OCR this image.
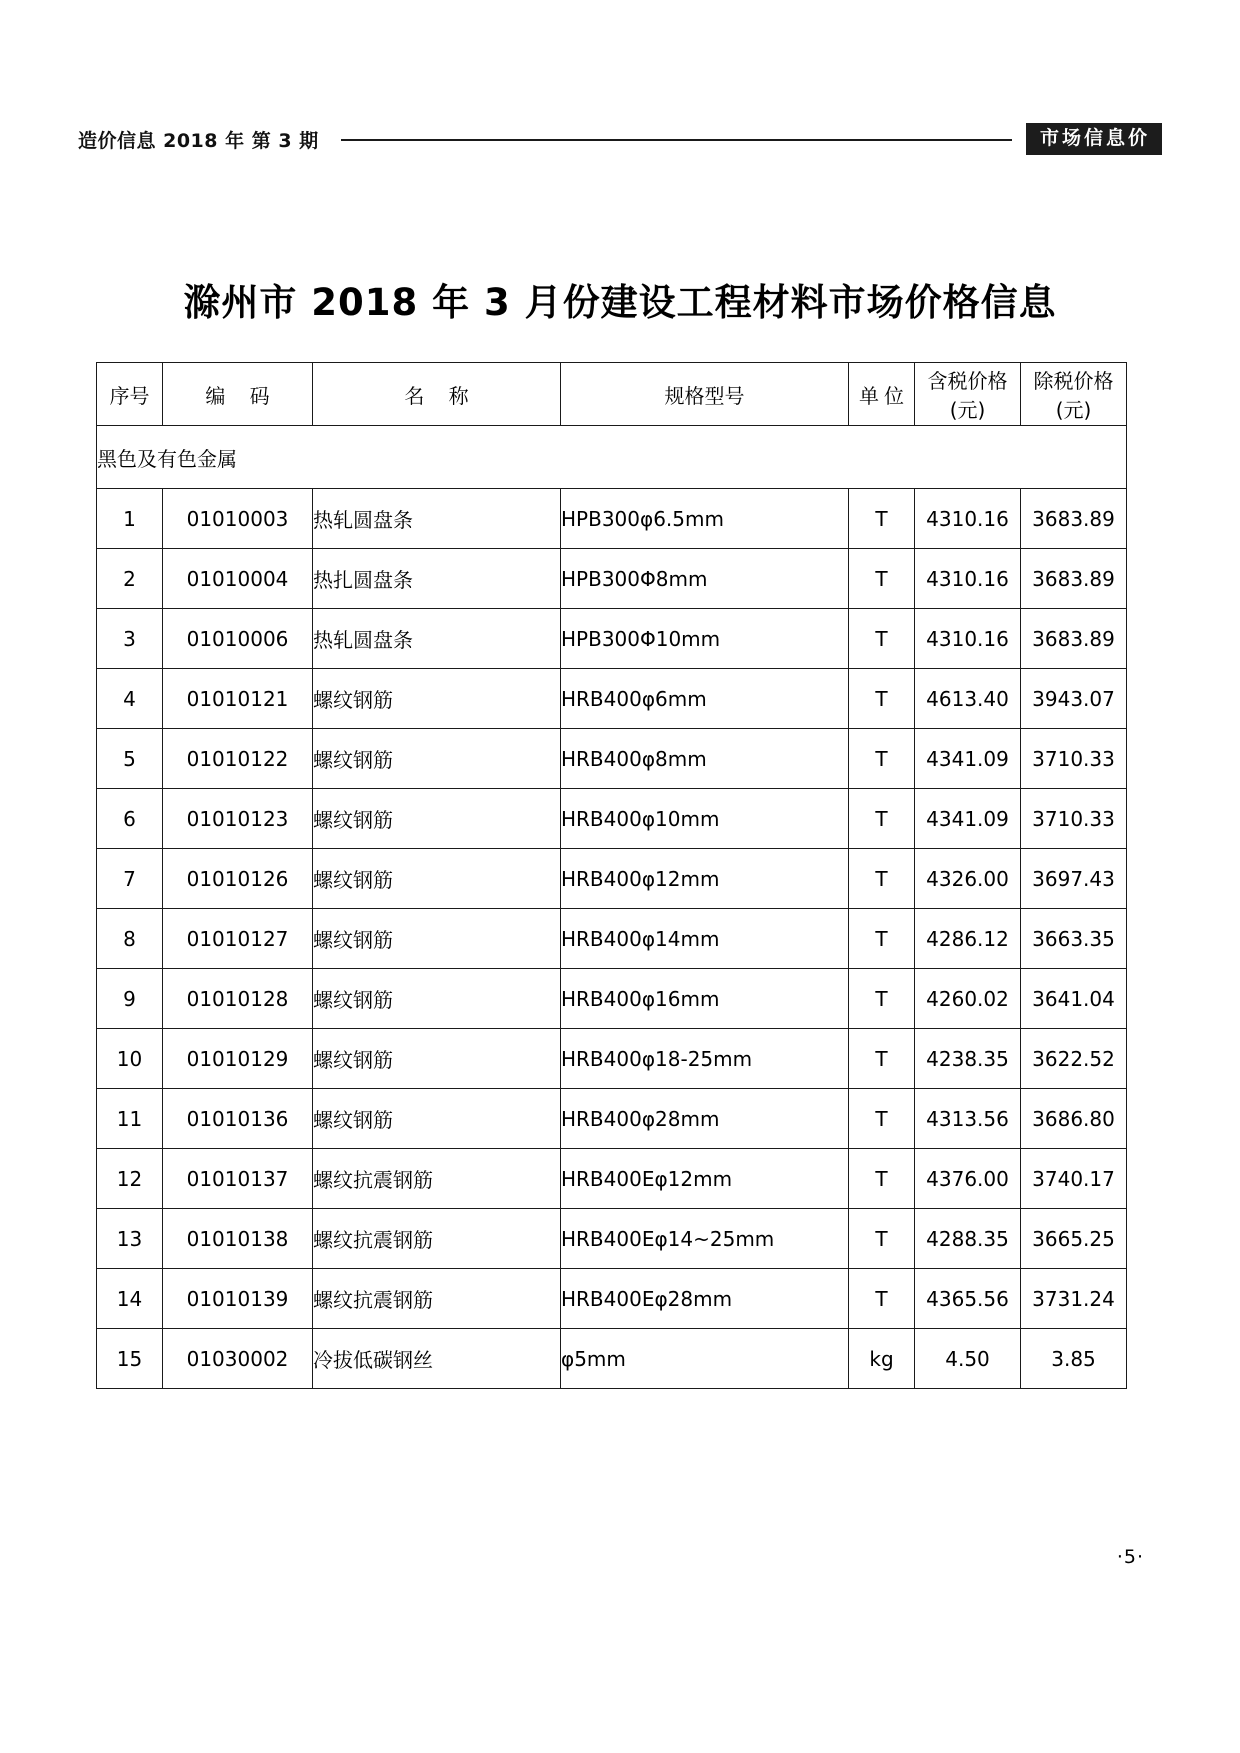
造价信息 2018 年 第 3 期	市场信息价
滁州市 2018 年 3 月份建设工程材料市场价格信息
序号	编 码	名 称	规格型号	单位	含税价格(元)	除税价格(元)
黑色及有色金属						
1	01010003	热轧圆盘条	HPB300φ6.5mm	T	4310.16	3683.89
2	01010004	热扎圆盘条	HPB300Φ8mm	T	4310.16	3683.89
3	01010006	热轧圆盘条	HPB300Φ10mm	T	4310.16	3683.89
4	01010121	螺纹钢筋	HRB400φ6mm	T	4613.40	3943.07
5	01010122	螺纹钢筋	HRB400φ8mm	T	4341.09	3710.33
6	01010123	螺纹钢筋	HRB400φ10mm	T	4341.09	3710.33
7	01010126	螺纹钢筋	HRB400φ12mm	T	4326.00	3697.43
8	01010127	螺纹钢筋	HRB400φ14mm	T	4286.12	3663.35
9	01010128	螺纹钢筋	HRB400φ16mm	T	4260.02	3641.04
10	01010129	螺纹钢筋	HRB400φ18-25mm	T	4238.35	3622.52
11	01010136	螺纹钢筋	HRB400φ28mm	T	4313.56	3686.80
12	01010137	螺纹抗震钢筋	HRB400Eφ12mm	T	4376.00	3740.17
13	01010138	螺纹抗震钢筋	HRB400Eφ14~25mm	T	4288.35	3665.25
14	01010139	螺纹抗震钢筋	HRB400Eφ28mm	T	4365.56	3731.24
15	01030002	冷拔低碳钢丝	φ5mm	kg	4.50	3.85
·5·
